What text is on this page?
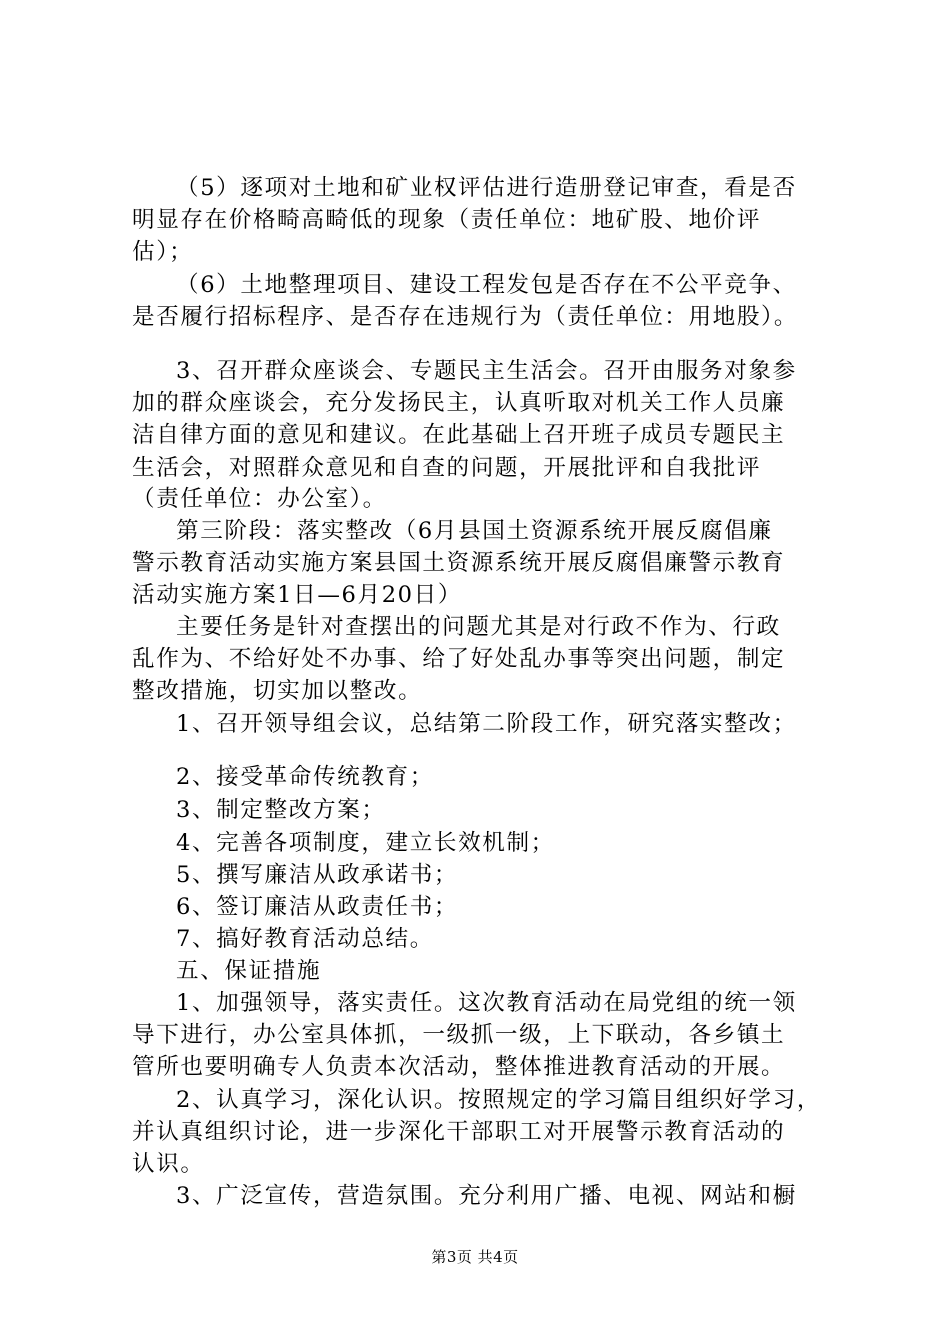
（5）逐项对土地和矿业权评估进行造册登记审查，看是否
明显存在价格畸高畸低的现象（责任单位：地矿股、地价评
估）；
（6）土地整理项目、建设工程发包是否存在不公平竞争、
是否履行招标程序、是否存在违规行为（责任单位：用地股）。
3、召开群众座谈会、专题民主生活会。召开由服务对象参
加的群众座谈会，充分发扬民主，认真听取对机关工作人员廉
洁自律方面的意见和建议。在此基础上召开班子成员专题民主
生活会，对照群众意见和自查的问题，开展批评和自我批评
（责任单位：办公室）。
第三阶段：落实整改（6月县国土资源系统开展反腐倡廉
警示教育活动实施方案县国土资源系统开展反腐倡廉警示教育
活动实施方案1日—6月20日）
主要任务是针对查摆出的问题尤其是对行政不作为、行政
乱作为、不给好处不办事、给了好处乱办事等突出问题，制定
整改措施，切实加以整改。
1、召开领导组会议，总结第二阶段工作，研究落实整改；
2、接受革命传统教育；
3、制定整改方案；
4、完善各项制度，建立长效机制；
5、撰写廉洁从政承诺书；
6、签订廉洁从政责任书；
7、搞好教育活动总结。
五、保证措施
1、加强领导，落实责任。这次教育活动在局党组的统一领
导下进行，办公室具体抓，一级抓一级，上下联动，各乡镇土
管所也要明确专人负责本次活动，整体推进教育活动的开展。
2、认真学习，深化认识。按照规定的学习篇目组织好学习，
并认真组织讨论，进一步深化干部职工对开展警示教育活动的
认识。
3、广泛宣传，营造氛围。充分利用广播、电视、网站和橱
第3页 共4页
